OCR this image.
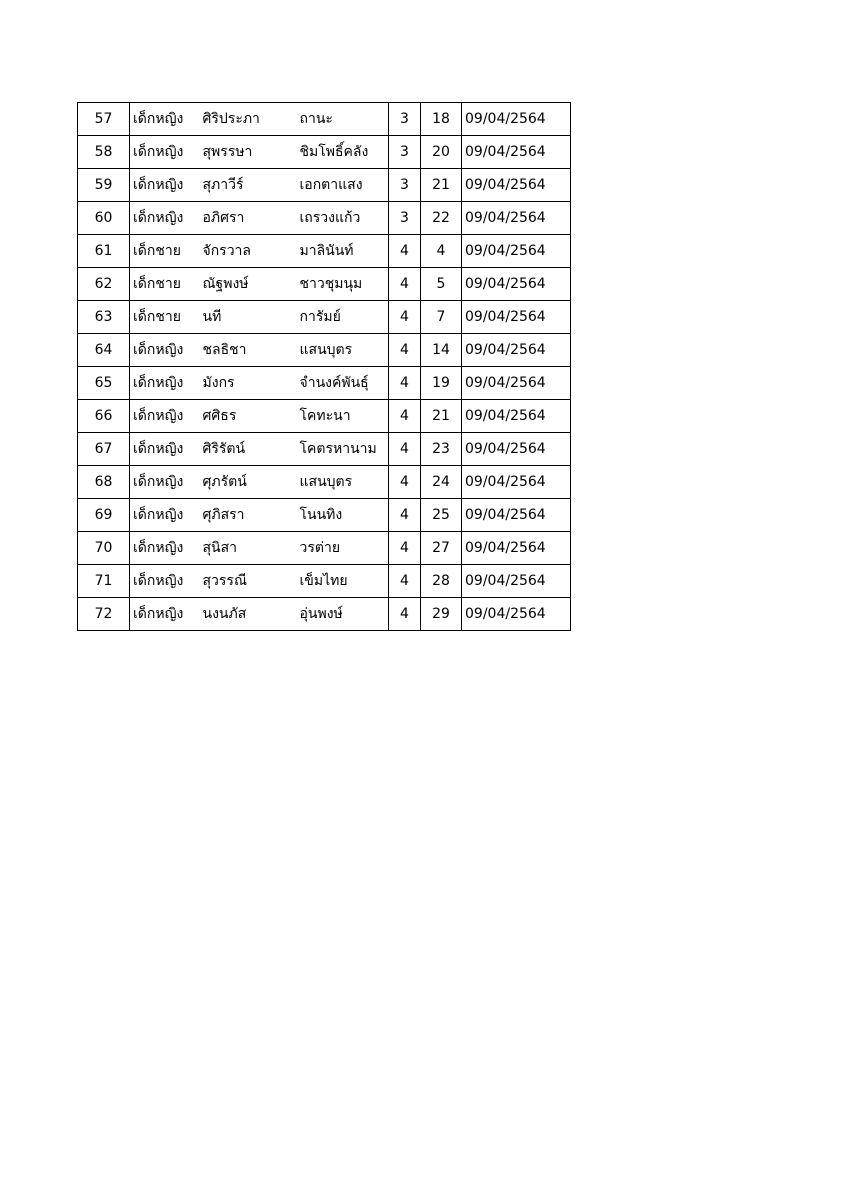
57	เด็กหญิง	ศิริประภา	ถานะ	3	18	09/04/2564
58	เด็กหญิง	สุพรรษา	ชิมโพธิ์คลัง	3	20	09/04/2564
59	เด็กหญิง	สุภาวีร์	เอกตาแสง	3	21	09/04/2564
60	เด็กหญิง	อภิศรา	เถรวงแก้ว	3	22	09/04/2564
61	เด็กชาย	จักรวาล	มาลินันท์	4	4	09/04/2564
62	เด็กชาย	ณัฐพงษ์	ชาวชุมนุม	4	5	09/04/2564
63	เด็กชาย	นที	การัมย์	4	7	09/04/2564
64	เด็กหญิง	ชลธิชา	แสนบุตร	4	14	09/04/2564
65	เด็กหญิง	มังกร	จำนงค์พันธุ์	4	19	09/04/2564
66	เด็กหญิง	ศศิธร	โคทะนา	4	21	09/04/2564
67	เด็กหญิง	ศิริรัตน์	โคตรหานาม	4	23	09/04/2564
68	เด็กหญิง	ศุภรัตน์	แสนบุตร	4	24	09/04/2564
69	เด็กหญิง	ศุภิสรา	โนนทิง	4	25	09/04/2564
70	เด็กหญิง	สุนิสา	วรต่าย	4	27	09/04/2564
71	เด็กหญิง	สุวรรณี	เข็มไทย	4	28	09/04/2564
72	เด็กหญิง	นงนภัส	อุ่นพงษ์	4	29	09/04/2564
